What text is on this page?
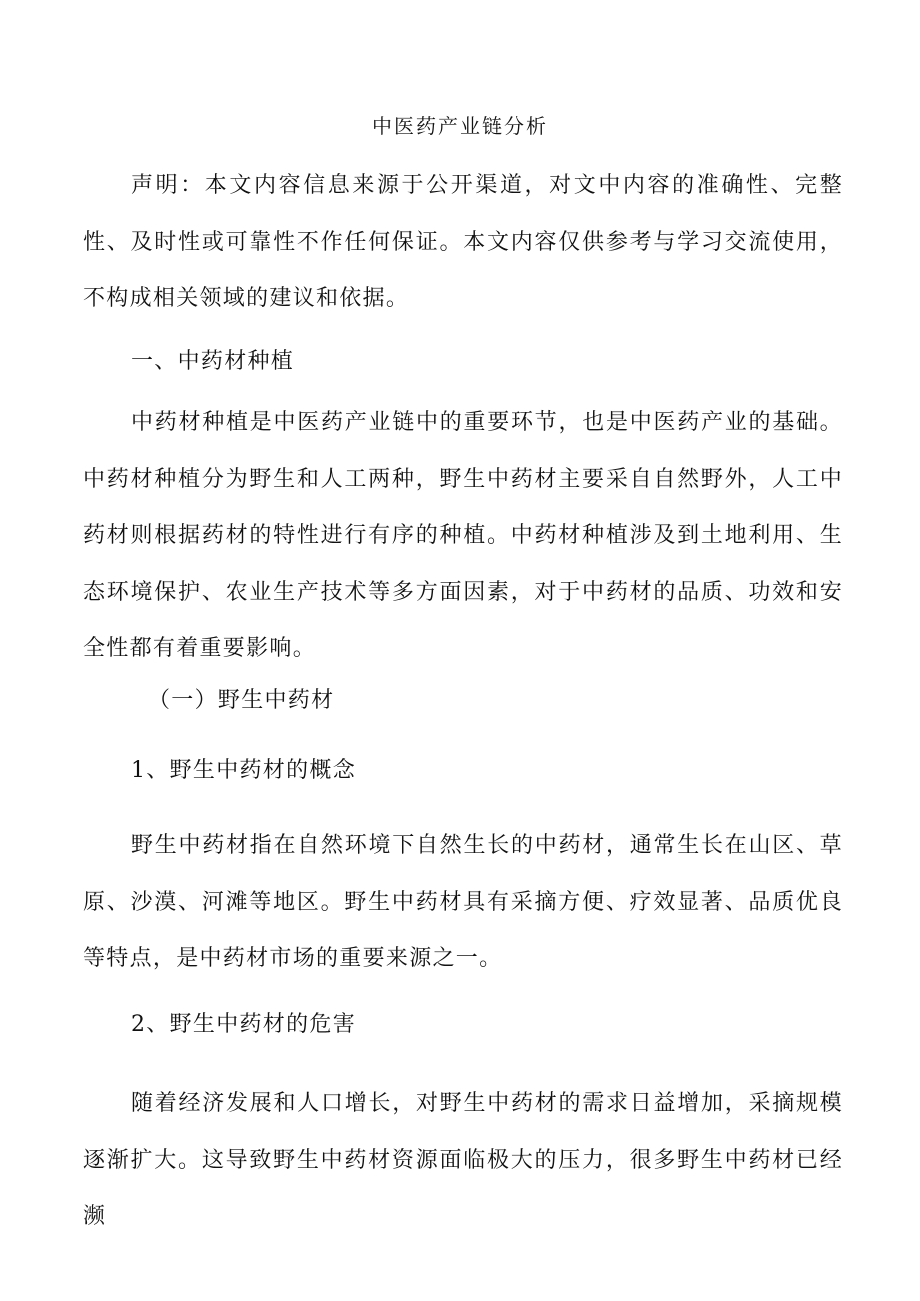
中医药产业链分析

声明：本文内容信息来源于公开渠道，对文中内容的准确性、完整性、及时性或可靠性不作任何保证。本文内容仅供参考与学习交流使用，不构成相关领域的建议和依据。

一、中药材种植

中药材种植是中医药产业链中的重要环节，也是中医药产业的基础。中药材种植分为野生和人工两种，野生中药材主要采自自然野外，人工中药材则根据药材的特性进行有序的种植。中药材种植涉及到土地利用、生态环境保护、农业生产技术等多方面因素，对于中药材的品质、功效和安全性都有着重要影响。

（一）野生中药材

1、野生中药材的概念

野生中药材指在自然环境下自然生长的中药材，通常生长在山区、草原、沙漠、河滩等地区。野生中药材具有采摘方便、疗效显著、品质优良等特点，是中药材市场的重要来源之一。

2、野生中药材的危害

随着经济发展和人口增长，对野生中药材的需求日益增加，采摘规模逐渐扩大。这导致野生中药材资源面临极大的压力，很多野生中药材已经濒
